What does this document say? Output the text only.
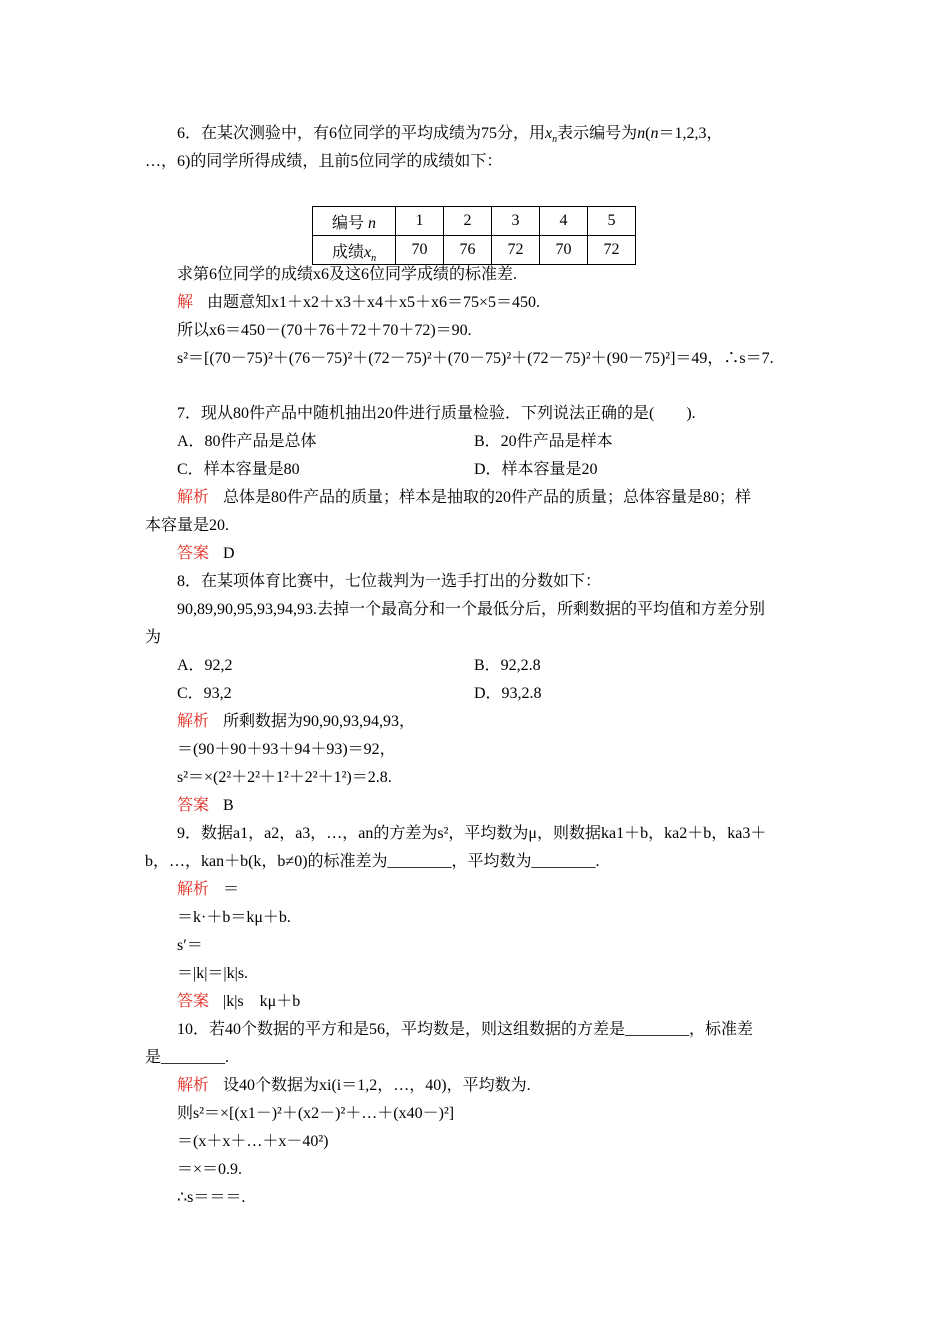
6．在某次测验中，有6位同学的平均成绩为75分，用$x_n$表示编号为n(n＝1,2,3，
…，6)的同学所得成绩，且前5位同学的成绩如下：
编号 n	1	2	3	4	5
成绩$x_n$	70	76	72	70	72
求第6位同学的成绩x6及这6位同学成绩的标准差.
解 由题意知x1＋x2＋x3＋x4＋x5＋x6＝75×5＝450.
所以x6＝450－(70＋76＋72＋70＋72)＝90.
s²＝[(70－75)²＋(76－75)²＋(72－75)²＋(70－75)²＋(72－75)²＋(90－75)²]＝49，∴s＝7.
7．现从80件产品中随机抽出20件进行质量检验．下列说法正确的是(　　).
A．80件产品是总体	B．20件产品是样本
C．样本容量是80	D．样本容量是20
解析 总体是80件产品的质量；样本是抽取的20件产品的质量；总体容量是80；样
本容量是20.
答案 D
8．在某项体育比赛中，七位裁判为一选手打出的分数如下：
90,89,90,95,93,94,93.去掉一个最高分和一个最低分后，所剩数据的平均值和方差分别
为
A．92,2	B．92,2.8
C．93,2	D．93,2.8
解析 所剩数据为90,90,93,94,93，
＝(90＋90＋93＋94＋93)＝92，
s²＝×(2²＋2²＋1²＋2²＋1²)＝2.8.
答案 B
9．数据a1，a2，a3，…，an的方差为s²，平均数为μ，则数据ka1＋b，ka2＋b，ka3＋
b，…，kan＋b(k，b≠0)的标准差为________，平均数为________.
解析 ＝
＝k·＋b＝kμ＋b.
s′＝
＝|k|＝|k|s.
答案 |k|s　kμ＋b
10．若40个数据的平方和是56，平均数是，则这组数据的方差是________，标准差
是________.
解析 设40个数据为xi(i＝1,2，…，40)，平均数为.
则s²＝×[(x1－)²＋(x2－)²＋…＋(x40－)²]
＝(x＋x＋…＋x－40²)
＝×＝0.9.
∴s＝＝＝.
